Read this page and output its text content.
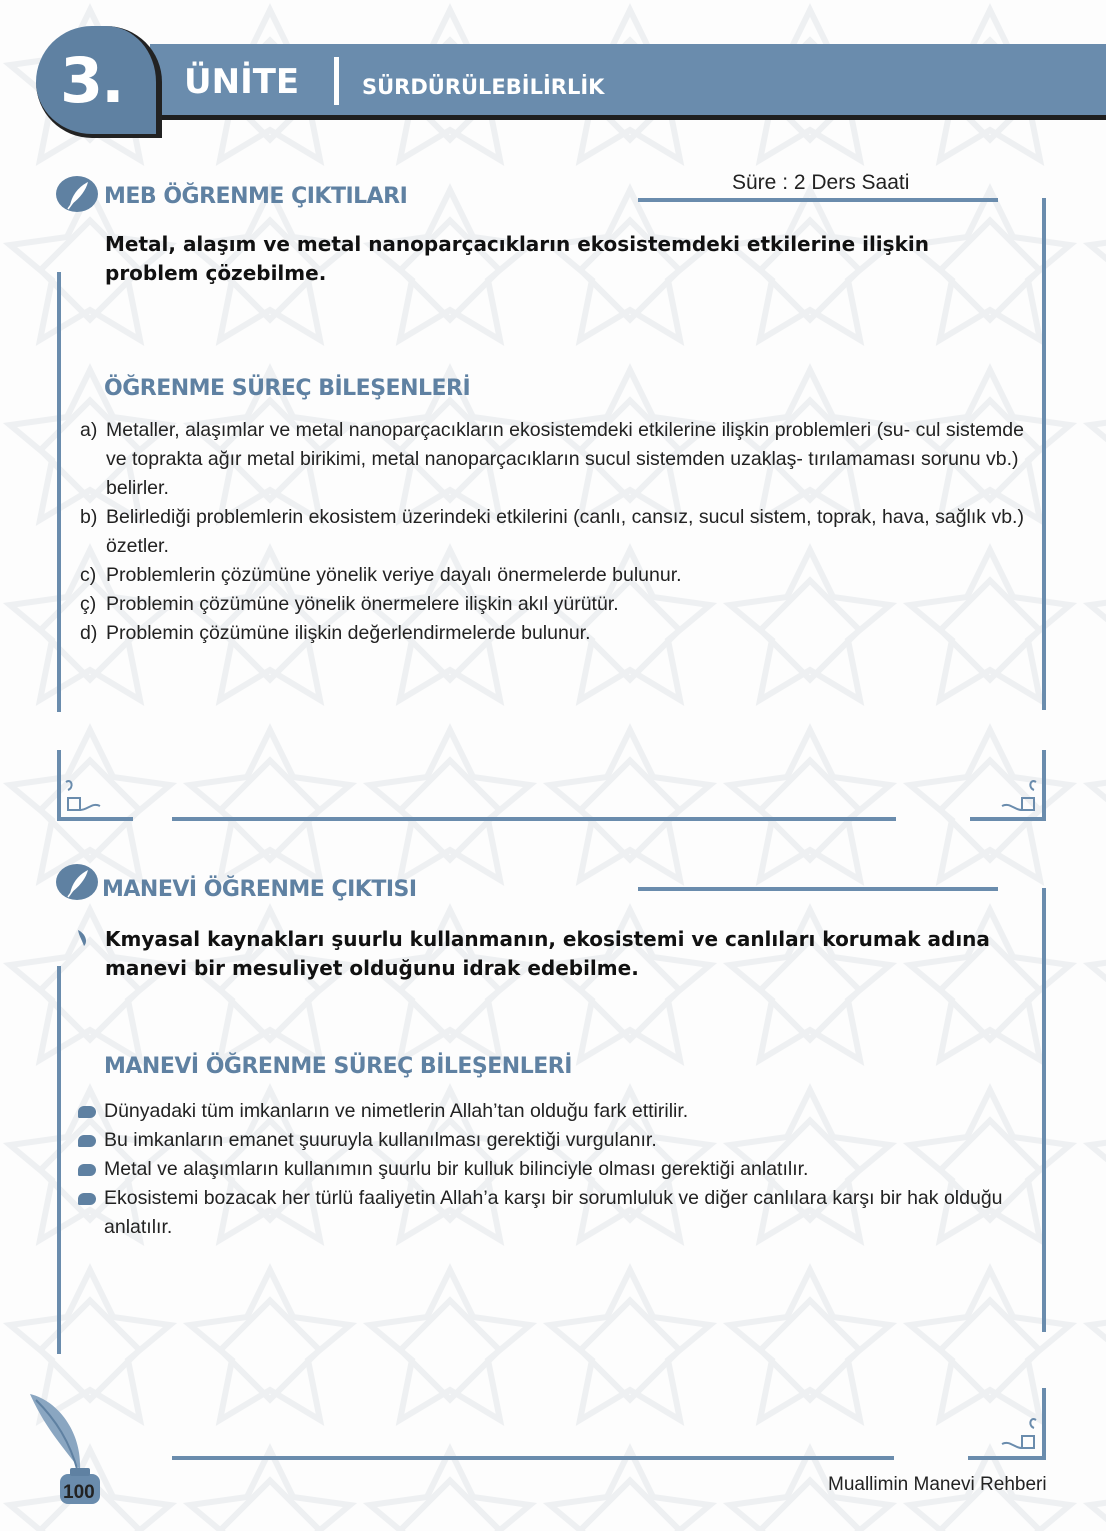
3. ÜNİTE	SÜRDÜRÜLEBİLİRLİK
MEB ÖĞRENME ÇIKTILARI
Süre : 2 Ders Saati
Metal, alaşım ve metal nanoparçacıkların ekosistemdeki etkilerine ilişkin problem çözebilme.
ÖĞRENME SÜREÇ BİLEŞENLERİ
a) Metaller, alaşımlar ve metal nanoparçacıkların ekosistemdeki etkilerine ilişkin problemleri (su- cul sistemde ve toprakta ağır metal birikimi, metal nanoparçacıkların sucul sistemden uzaklaş- tırılamaması sorunu vb.) belirler.
b) Belirlediği problemlerin ekosistem üzerindeki etkilerini (canlı, cansız, sucul sistem, toprak, hava, sağlık vb.) özetler.
c) Problemlerin çözümüne yönelik veriye dayalı önermelerde bulunur.
ç) Problemin çözümüne yönelik önermelere ilişkin akıl yürütür.
d) Problemin çözümüne ilişkin değerlendirmelerde bulunur.
MANEVİ ÖĞRENME ÇIKTISI
Kmyasal kaynakları şuurlu kullanmanın, ekosistemi ve canlıları korumak adına manevi bir mesuliyet olduğunu idrak edebilme.
MANEVİ ÖĞRENME SÜREÇ BİLEŞENLERİ
Dünyadaki tüm imkanların ve nimetlerin Allah’tan olduğu fark ettirilir.
Bu imkanların emanet şuuruyla kullanılması gerektiği vurgulanır.
Metal ve alaşımların kullanımın şuurlu bir kulluk bilinciyle olması gerektiği anlatılır.
Ekosistemi bozacak her türlü faaliyetin Allah’a karşı bir sorumluluk ve diğer canlılara karşı bir hak olduğu anlatılır.
100	Muallimin Manevi Rehberi
